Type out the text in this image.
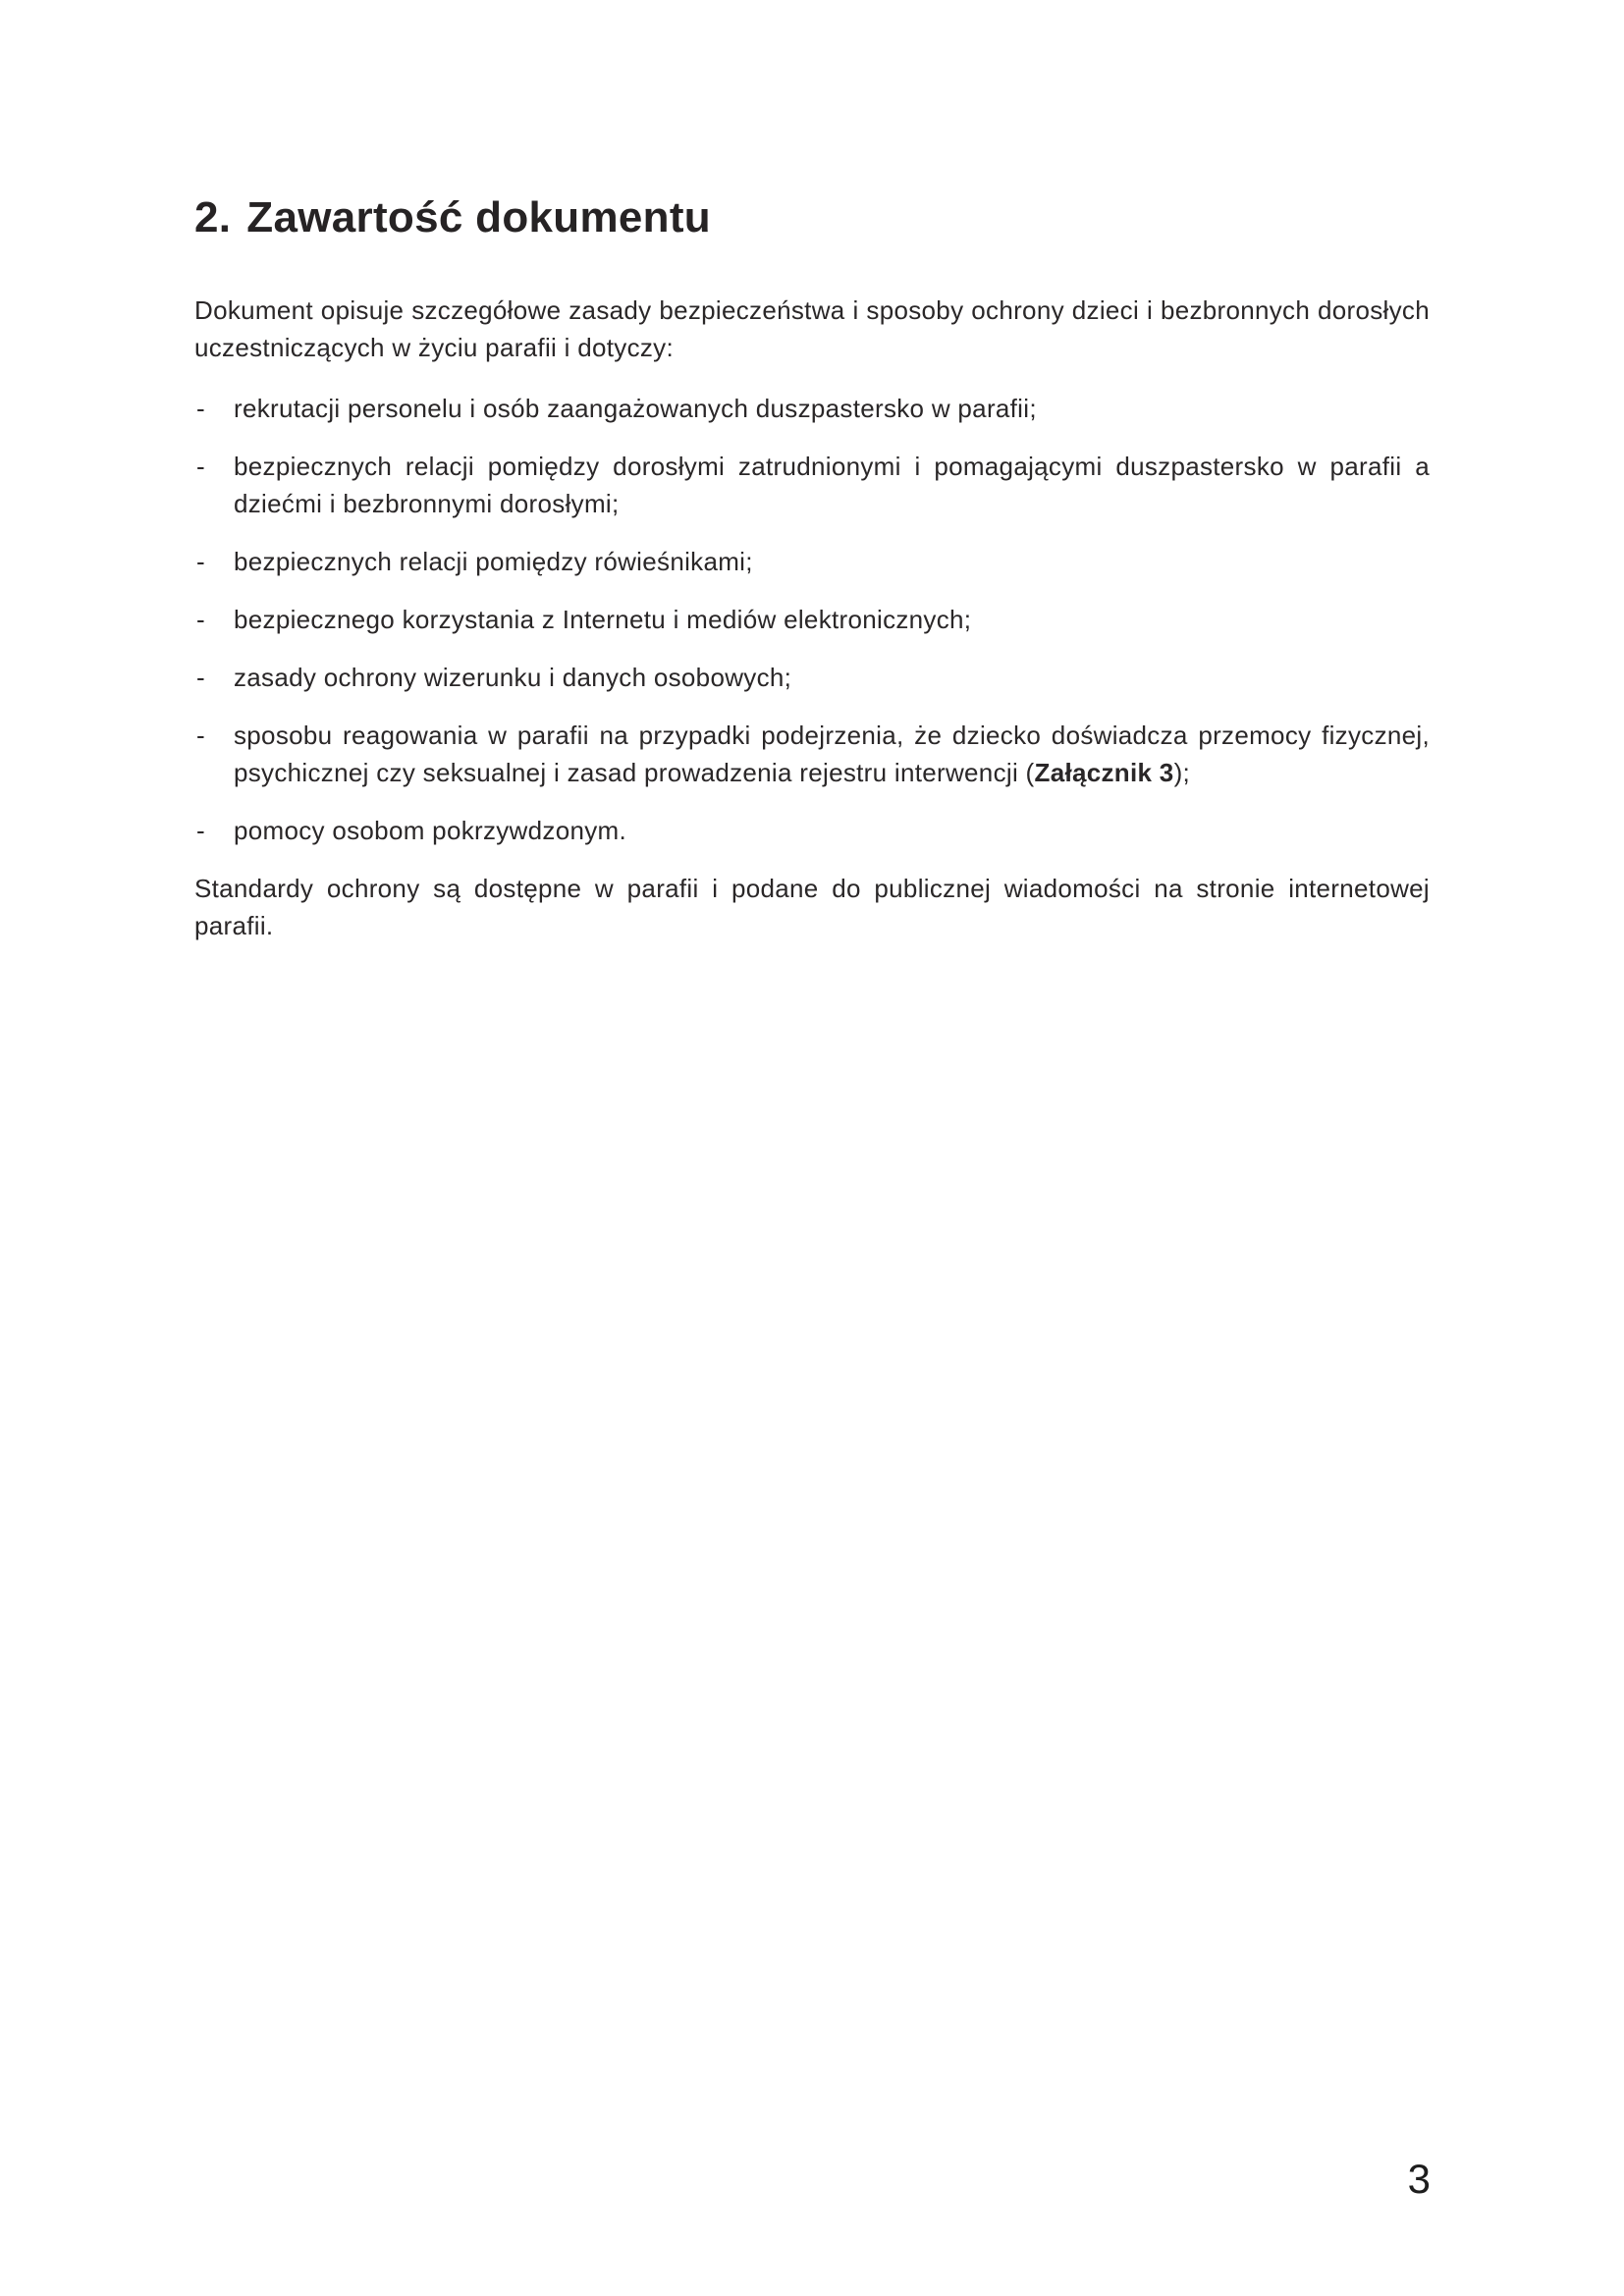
2. Zawartość dokumentu

Dokument opisuje szczegółowe zasady bezpieczeństwa i sposoby ochrony dzieci i bezbronnych dorosłych uczestniczących w życiu parafii i dotyczy:

- rekrutacji personelu i osób zaangażowanych duszpastersko w parafii;
- bezpiecznych relacji pomiędzy dorosłymi zatrudnionymi i pomagającymi duszpastersko w parafii a dziećmi i bezbronnymi dorosłymi;
- bezpiecznych relacji pomiędzy rówieśnikami;
- bezpiecznego korzystania z Internetu i mediów elektronicznych;
- zasady ochrony wizerunku i danych osobowych;
- sposobu reagowania w parafii na przypadki podejrzenia, że dziecko doświadcza przemocy fizycznej, psychicznej czy seksualnej i zasad prowadzenia rejestru interwencji (Załącznik 3);
- pomocy osobom pokrzywdzonym.

Standardy ochrony są dostępne w parafii i podane do publicznej wiadomości na stronie internetowej parafii.

3
